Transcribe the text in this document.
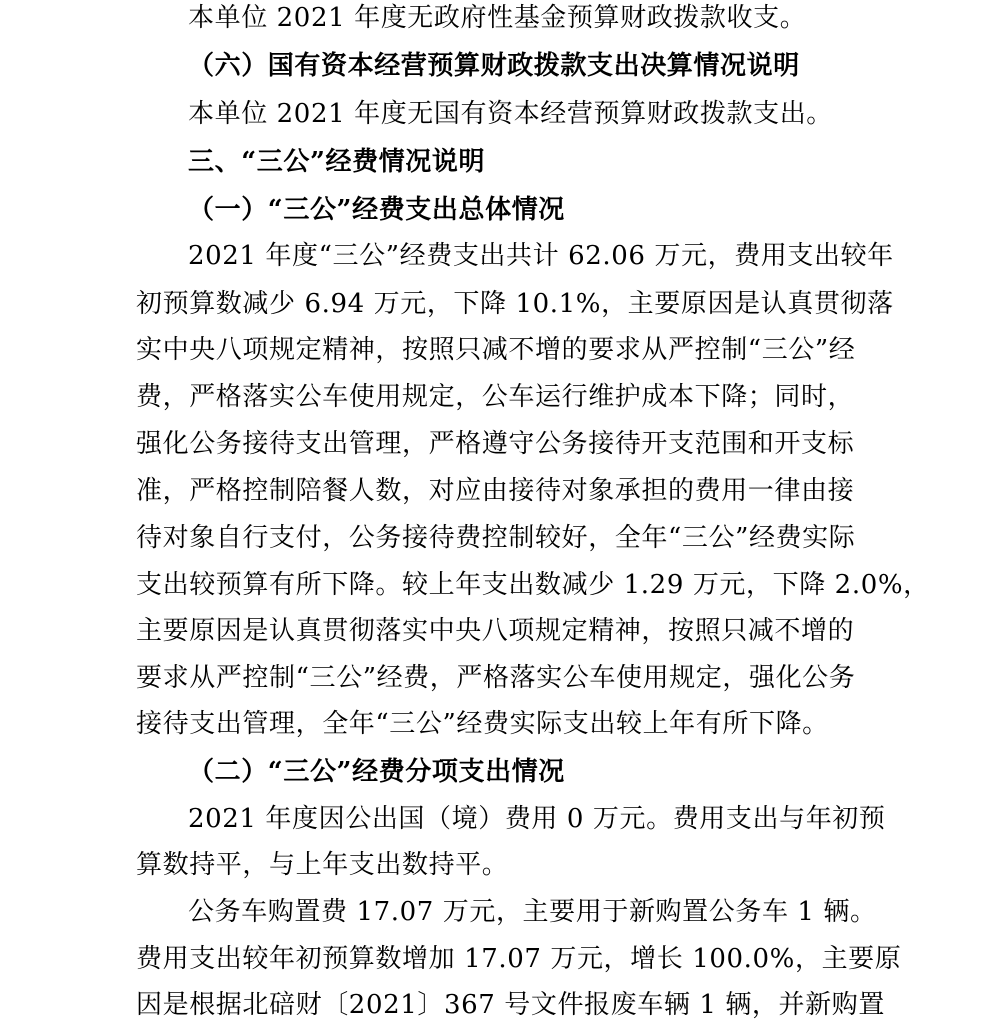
本单位 2021 年度无政府性基金预算财政拨款收支。
（六）国有资本经营预算财政拨款支出决算情况说明
本单位 2021 年度无国有资本经营预算财政拨款支出。
三、“三公”经费情况说明
（一）“三公”经费支出总体情况
2021 年度“三公”经费支出共计 62.06 万元，费用支出较年
初预算数减少 6.94 万元，下降 10.1%，主要原因是认真贯彻落
实中央八项规定精神，按照只减不增的要求从严控制“三公”经
费，严格落实公车使用规定，公车运行维护成本下降；同时，
强化公务接待支出管理，严格遵守公务接待开支范围和开支标
准，严格控制陪餐人数，对应由接待对象承担的费用一律由接
待对象自行支付，公务接待费控制较好，全年“三公”经费实际
支出较预算有所下降。较上年支出数减少 1.29 万元，下降 2.0%，
主要原因是认真贯彻落实中央八项规定精神，按照只减不增的
要求从严控制“三公”经费，严格落实公车使用规定，强化公务
接待支出管理，全年“三公”经费实际支出较上年有所下降。
（二）“三公”经费分项支出情况
2021 年度因公出国（境）费用 0 万元。费用支出与年初预
算数持平，与上年支出数持平。
公务车购置费 17.07 万元，主要用于新购置公务车 1 辆。
费用支出较年初预算数增加 17.07 万元，增长 100.0%，主要原
因是根据北碚财〔2021〕367 号文件报废车辆 1 辆，并新购置
